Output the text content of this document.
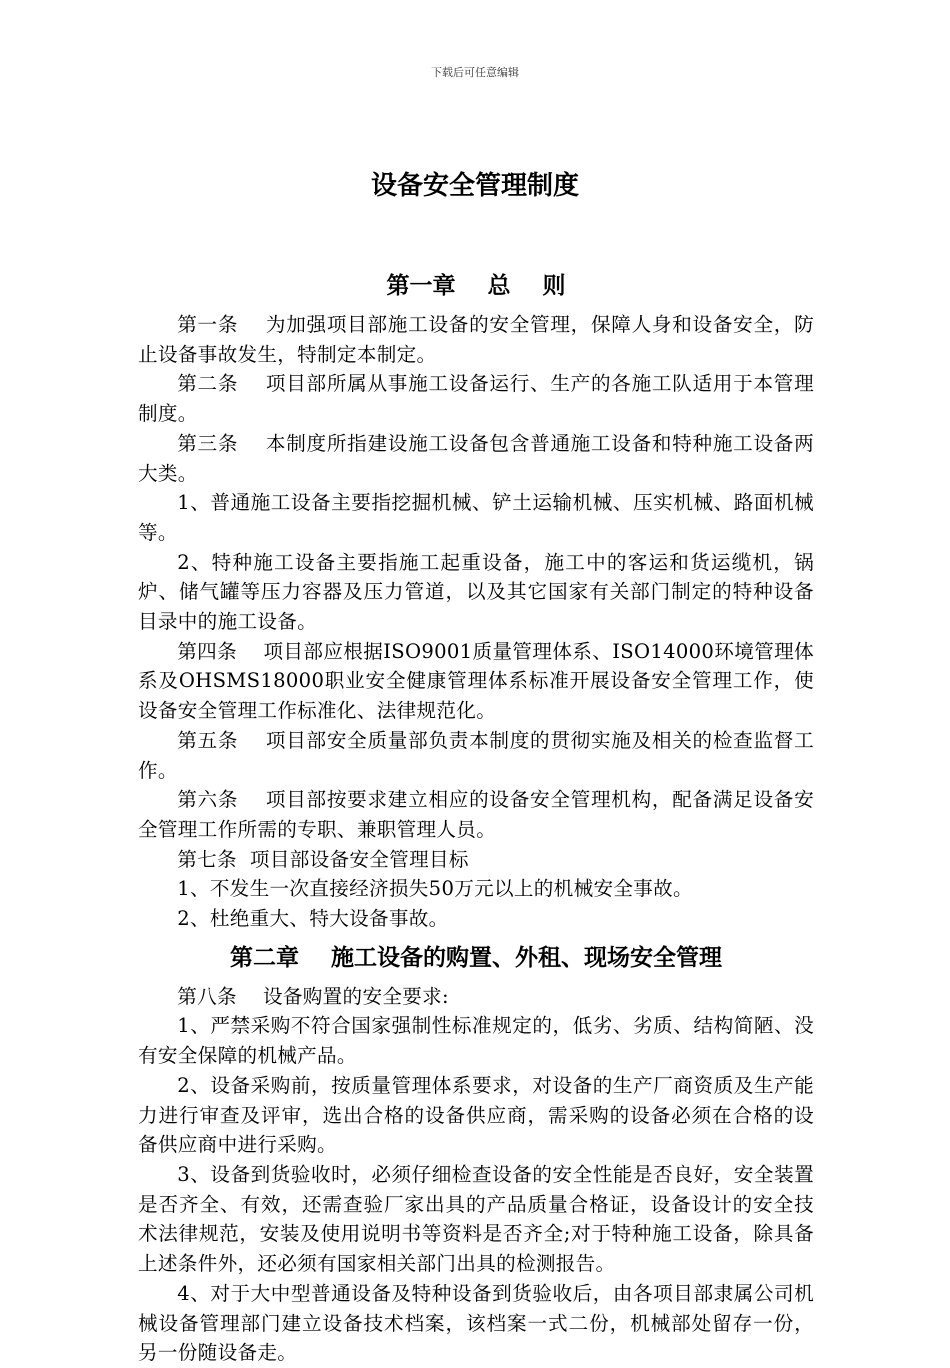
下载后可任意编辑
设备安全管理制度
第一章    总    则

第一条    为加强项目部施工设备的安全管理，保障人身和设备安全，防止设备事故发生，特制定本制定。

第二条    项目部所属从事施工设备运行、生产的各施工队适用于本管理制度。

第三条    本制度所指建设施工设备包含普通施工设备和特种施工设备两大类。

1、普通施工设备主要指挖掘机械、铲土运输机械、压实机械、路面机械等。

2、特种施工设备主要指施工起重设备，施工中的客运和货运缆机，锅炉、储气罐等压力容器及压力管道，以及其它国家有关部门制定的特种设备目录中的施工设备。

第四条    项目部应根据ISO9001质量管理体系、ISO14000环境管理体系及OHSMS18000职业安全健康管理体系标准开展设备安全管理工作，使设备安全管理工作标准化、法律规范化。

第五条    项目部安全质量部负责本制度的贯彻实施及相关的检查监督工作。

第六条    项目部按要求建立相应的设备安全管理机构，配备满足设备安全管理工作所需的专职、兼职管理人员。

第七条  项目部设备安全管理目标

1、不发生一次直接经济损失50万元以上的机械安全事故。

2、杜绝重大、特大设备事故。

第二章    施工设备的购置、外租、现场安全管理

第八条    设备购置的安全要求:

1、严禁采购不符合国家强制性标准规定的，低劣、劣质、结构简陋、没有安全保障的机械产品。

2、设备采购前，按质量管理体系要求，对设备的生产厂商资质及生产能力进行审查及评审，选出合格的设备供应商，需采购的设备必须在合格的设备供应商中进行采购。

3、设备到货验收时，必须仔细检查设备的安全性能是否良好，安全装置是否齐全、有效，还需查验厂家出具的产品质量合格证，设备设计的安全技术法律规范，安装及使用说明书等资料是否齐全;对于特种施工设备，除具备上述条件外，还必须有国家相关部门出具的检测报告。

4、对于大中型普通设备及特种设备到货验收后，由各项目部隶属公司机械设备管理部门建立设备技术档案，该档案一式二份，机械部处留存一份，另一份随设备走。
